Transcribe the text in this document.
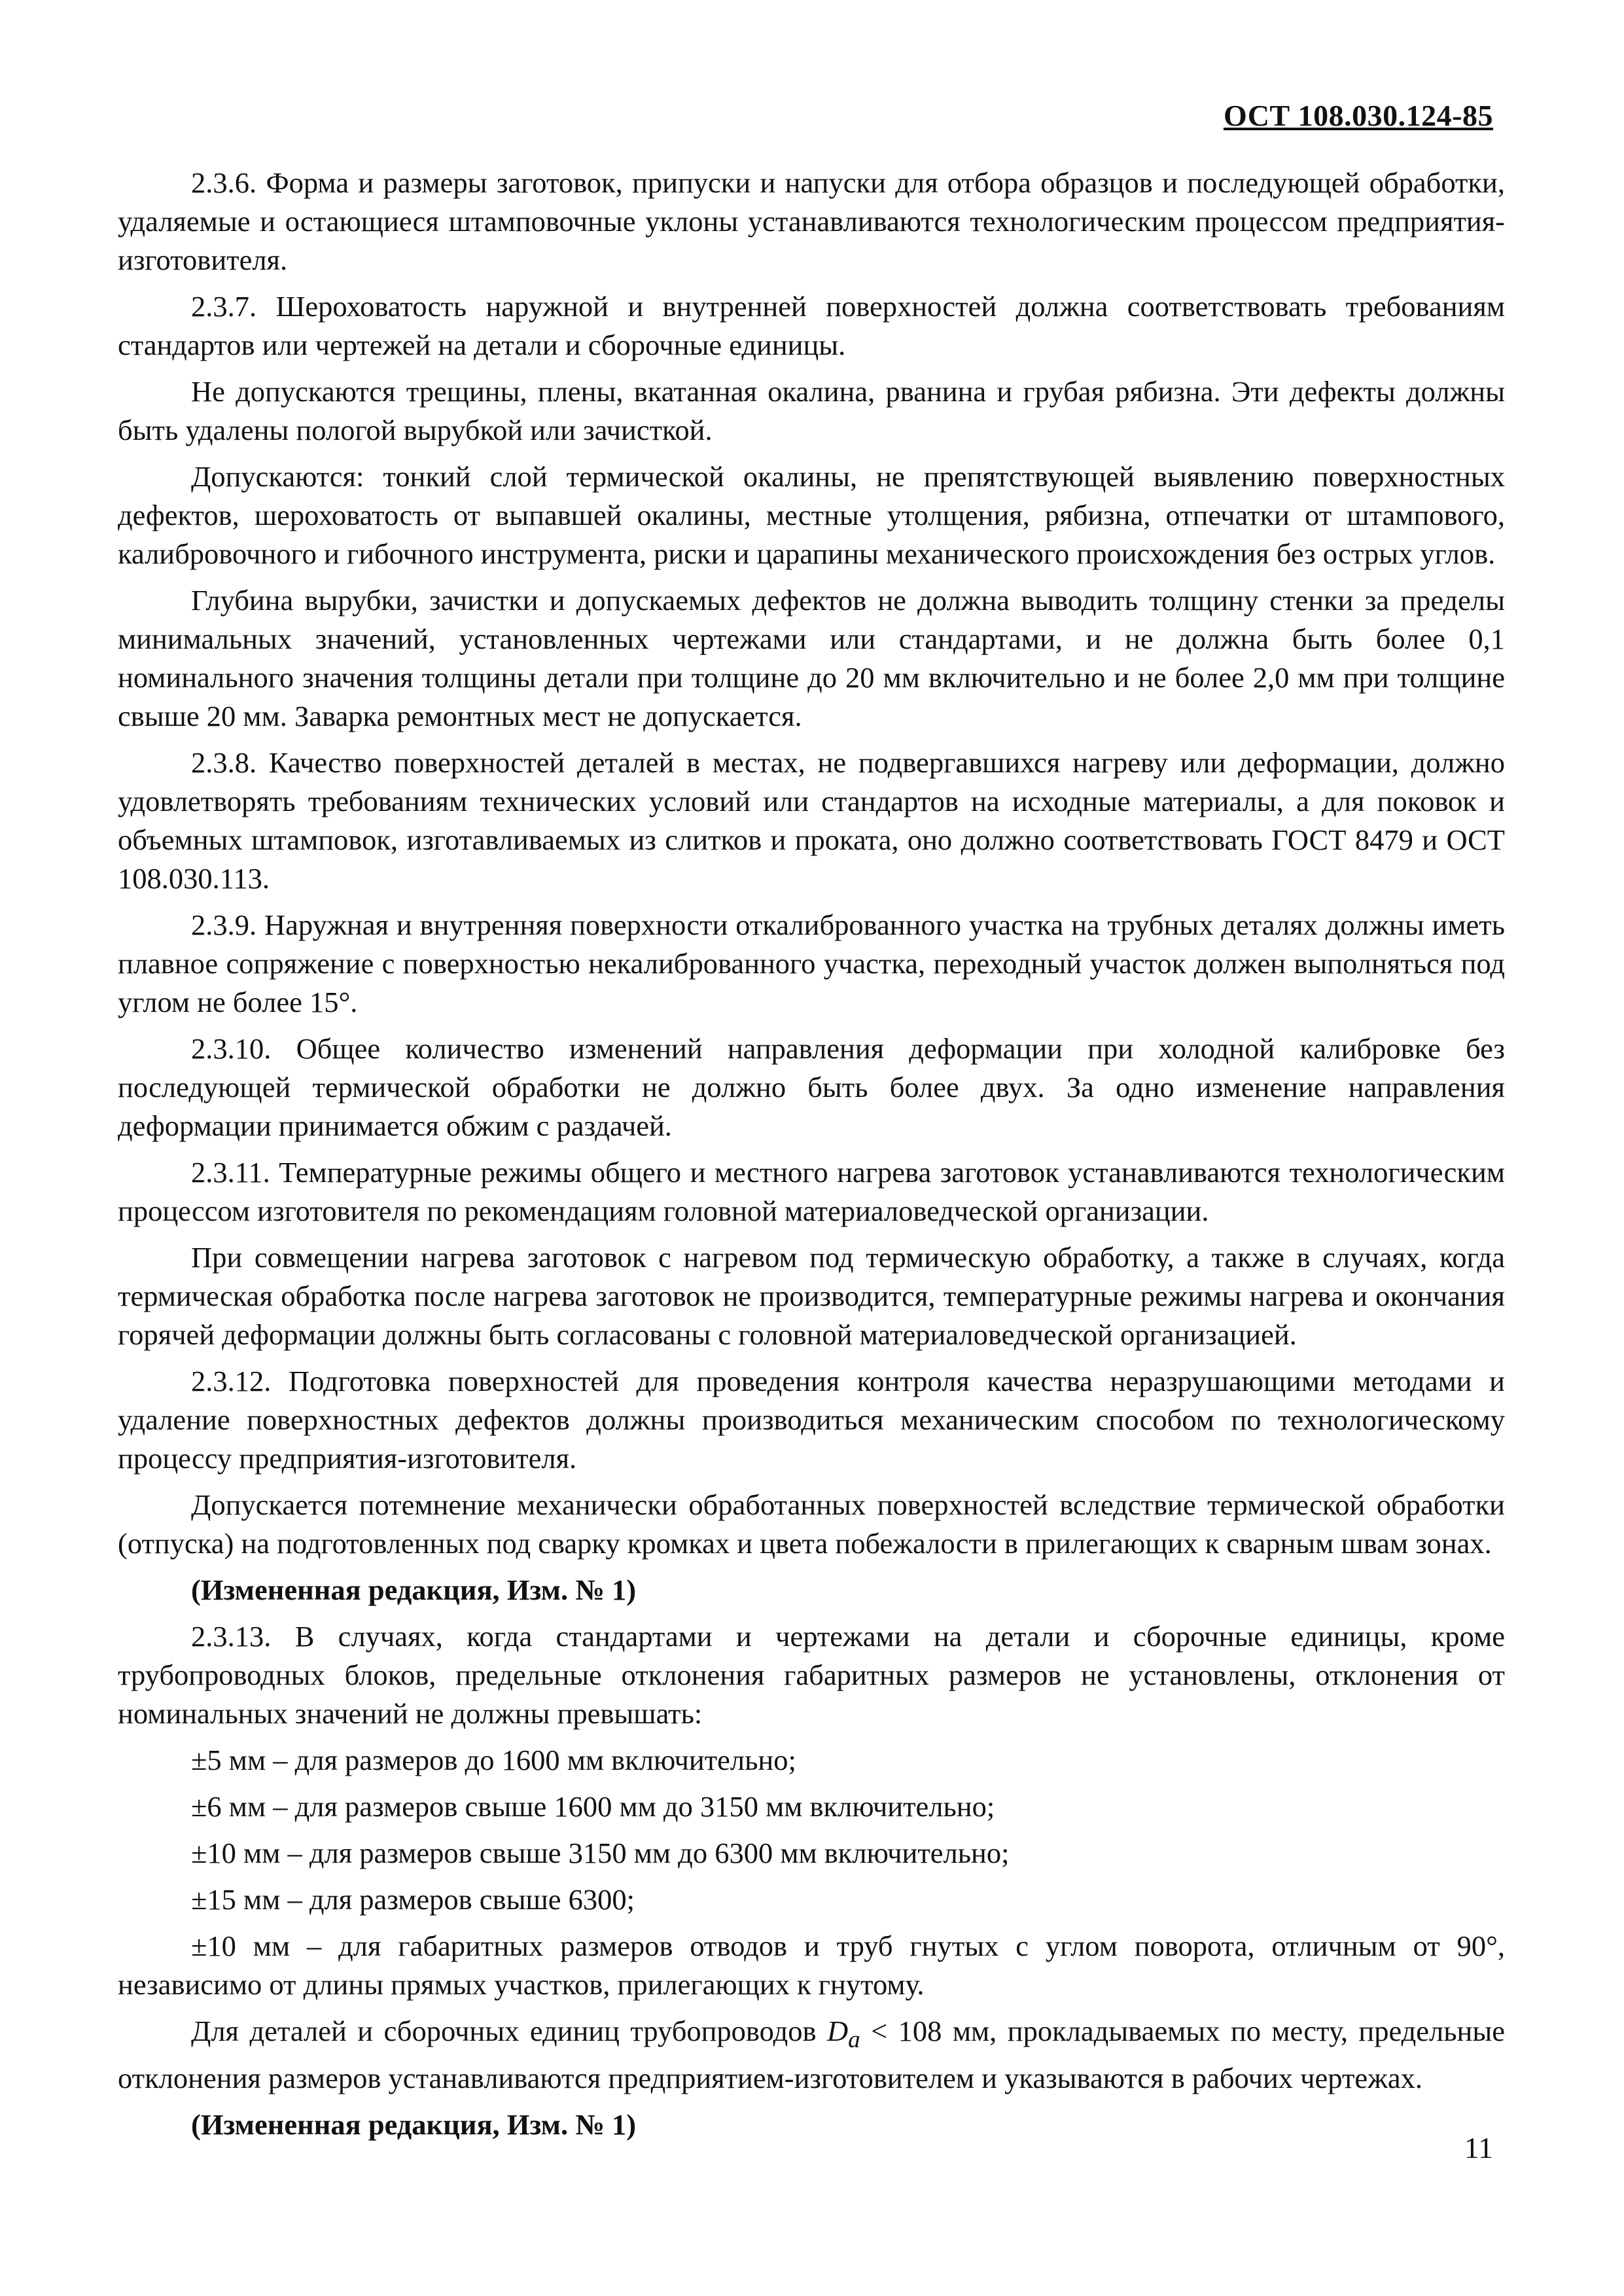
ОСТ 108.030.124-85

2.3.6. Форма и размеры заготовок, припуски и напуски для отбора образцов и последующей обработки, удаляемые и остающиеся штамповочные уклоны устанавливаются технологическим процессом предприятия-изготовителя.

2.3.7. Шероховатость наружной и внутренней поверхностей должна соответствовать требованиям стандартов или чертежей на детали и сборочные единицы.

Не допускаются трещины, плены, вкатанная окалина, рванина и грубая рябизна. Эти дефекты должны быть удалены пологой вырубкой или зачисткой.

Допускаются: тонкий слой термической окалины, не препятствующей выявлению поверхностных дефектов, шероховатость от выпавшей окалины, местные утолщения, рябизна, отпечатки от штампового, калибровочного и гибочного инструмента, риски и царапины механического происхождения без острых углов.

Глубина вырубки, зачистки и допускаемых дефектов не должна выводить толщину стенки за пределы минимальных значений, установленных чертежами или стандартами, и не должна быть более 0,1 номинального значения толщины детали при толщине до 20 мм включительно и не более 2,0 мм при толщине свыше 20 мм. Заварка ремонтных мест не допускается.

2.3.8. Качество поверхностей деталей в местах, не подвергавшихся нагреву или деформации, должно удовлетворять требованиям технических условий или стандартов на исходные материалы, а для поковок и объемных штамповок, изготавливаемых из слитков и проката, оно должно соответствовать ГОСТ 8479 и ОСТ 108.030.113.

2.3.9. Наружная и внутренняя поверхности откалиброванного участка на трубных деталях должны иметь плавное сопряжение с поверхностью некалиброванного участка, переходный участок должен выполняться под углом не более 15°.

2.3.10. Общее количество изменений направления деформации при холодной калибровке без последующей термической обработки не должно быть более двух. За одно изменение направления деформации принимается обжим с раздачей.

2.3.11. Температурные режимы общего и местного нагрева заготовок устанавливаются технологическим процессом изготовителя по рекомендациям головной материаловедческой организации.

При совмещении нагрева заготовок с нагревом под термическую обработку, а также в случаях, когда термическая обработка после нагрева заготовок не производится, температурные режимы нагрева и окончания горячей деформации должны быть согласованы с головной материаловедческой организацией.

2.3.12. Подготовка поверхностей для проведения контроля качества неразрушающими методами и удаление поверхностных дефектов должны производиться механическим способом по технологическому процессу предприятия-изготовителя.

Допускается потемнение механически обработанных поверхностей вследствие термической обработки (отпуска) на подготовленных под сварку кромках и цвета побежалости в прилегающих к сварным швам зонах.

(Измененная редакция, Изм. № 1)

2.3.13. В случаях, когда стандартами и чертежами на детали и сборочные единицы, кроме трубопроводных блоков, предельные отклонения габаритных размеров не установлены, отклонения от номинальных значений не должны превышать:

±5 мм – для размеров до 1600 мм включительно;

±6 мм – для размеров свыше 1600 мм до 3150 мм включительно;

±10 мм – для размеров свыше 3150 мм до 6300 мм включительно;

±15 мм – для размеров свыше 6300;

±10 мм – для габаритных размеров отводов и труб гнутых с углом поворота, отличным от 90°, независимо от длины прямых участков, прилегающих к гнутому.

Для деталей и сборочных единиц трубопроводов $D_a < 108$ мм, прокладываемых по месту, предельные отклонения размеров устанавливаются предприятием-изготовителем и указываются в рабочих чертежах.

(Измененная редакция, Изм. № 1)

11
